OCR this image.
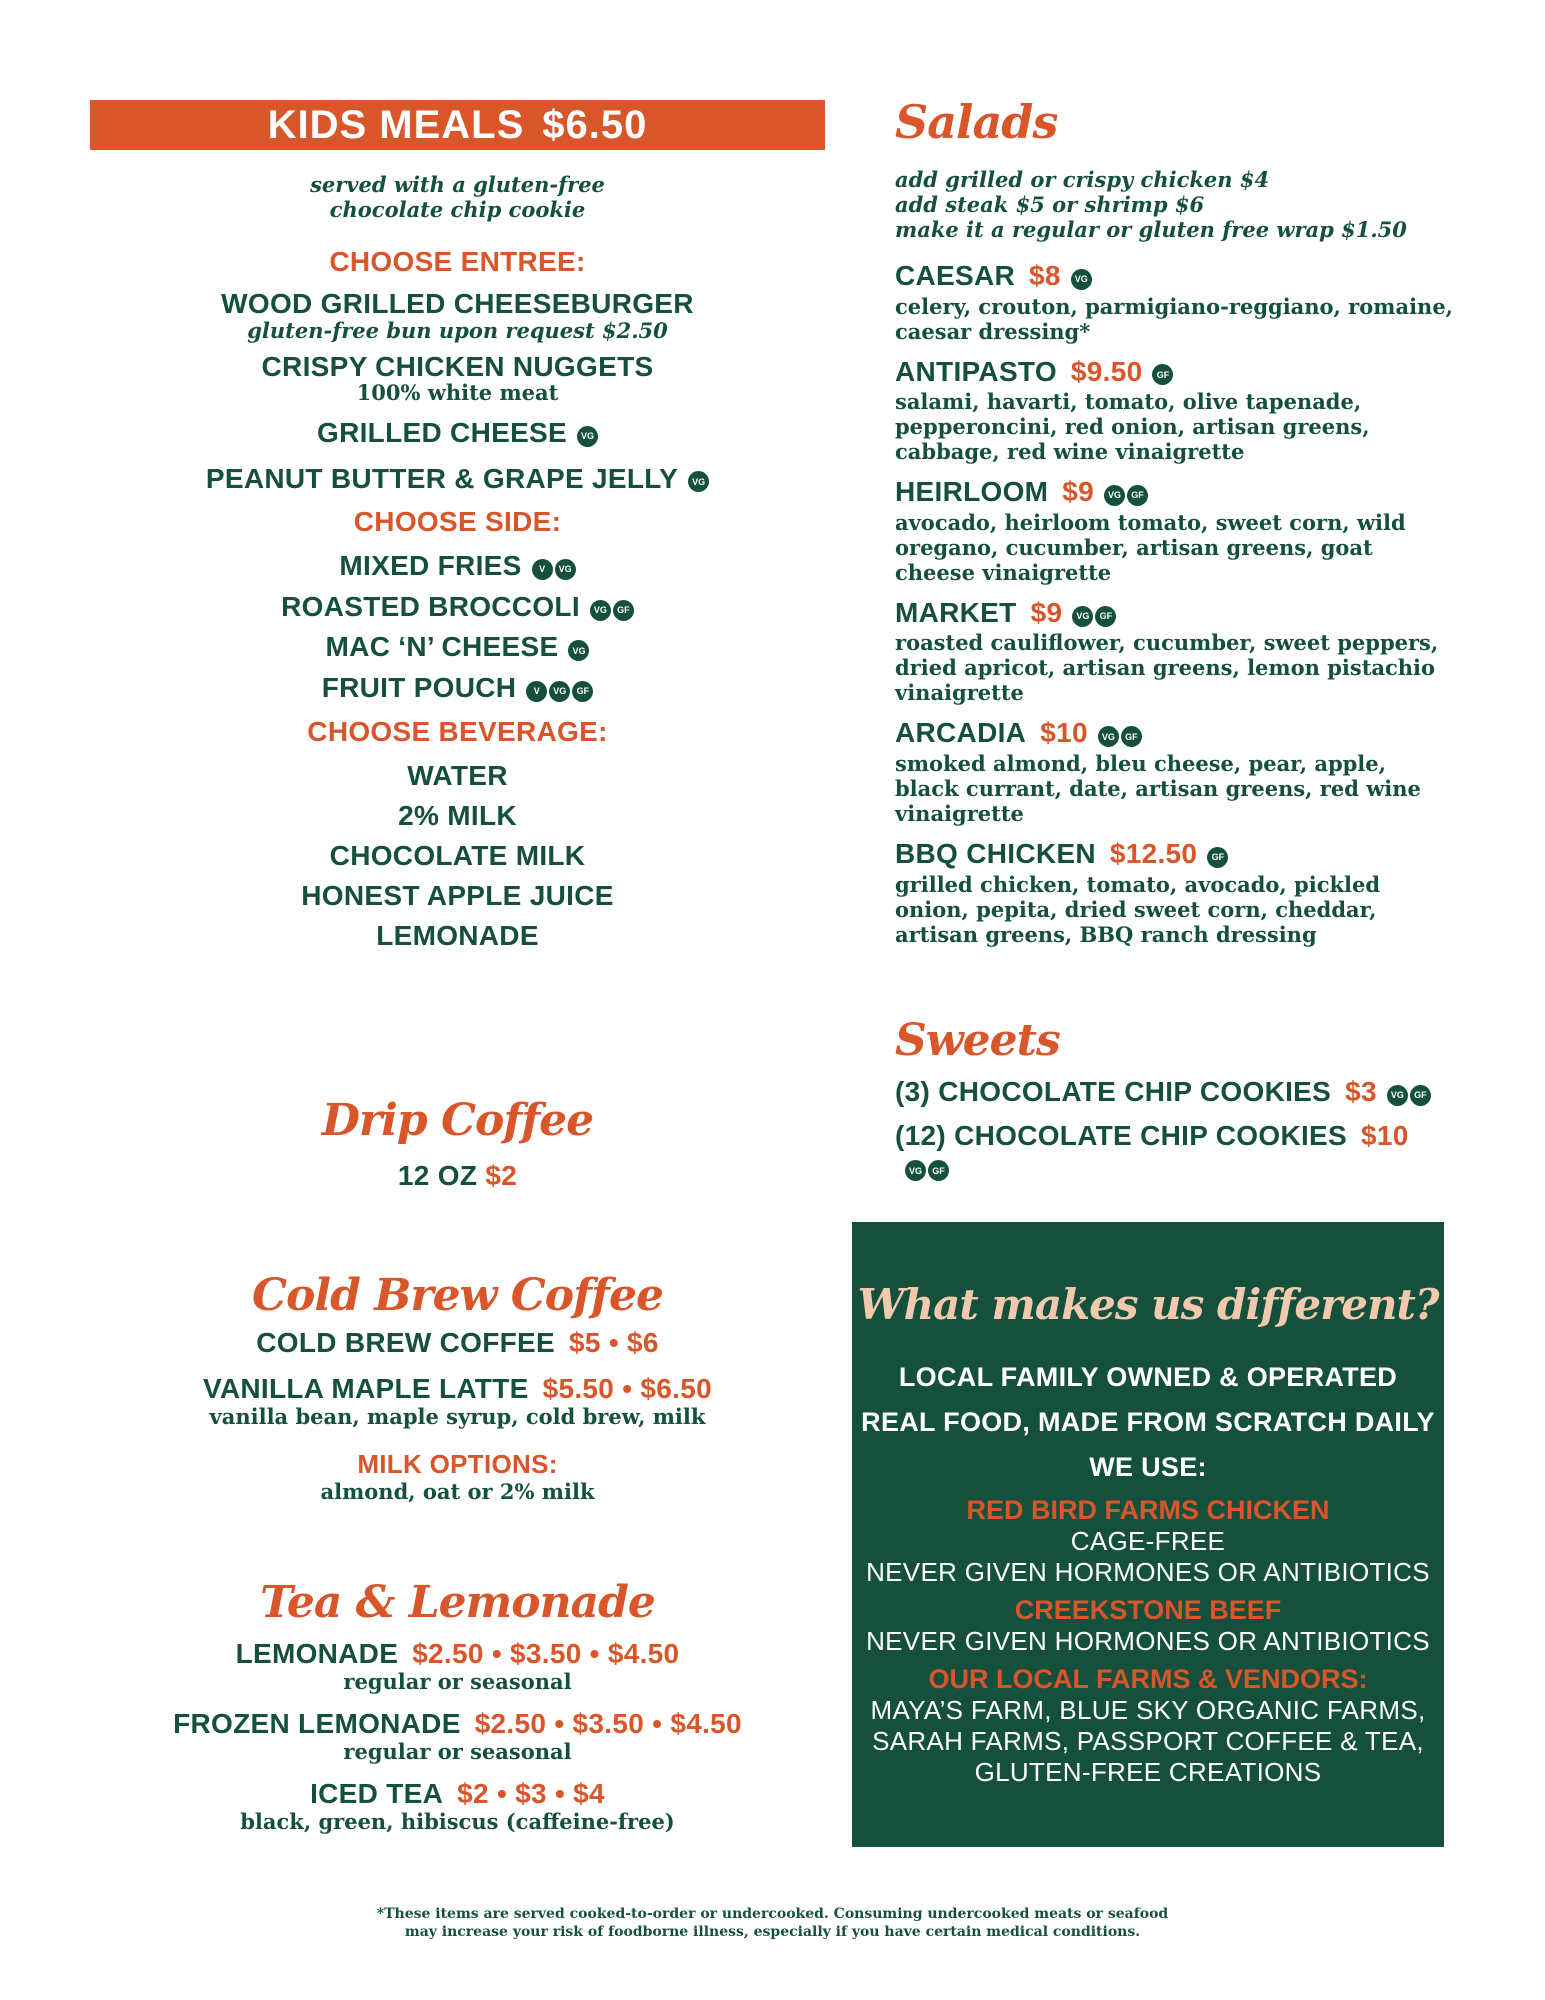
KIDS MEALS $6.50
served with a gluten-free
chocolate chip cookie
CHOOSE ENTREE:
WOOD GRILLED CHEESEBURGER
gluten-free bun upon request $2.50
CRISPY CHICKEN NUGGETS
100% white meat
GRILLED CHEESE VG
PEANUT BUTTER & GRAPE JELLY VG
CHOOSE SIDE:
MIXED FRIES V VG
ROASTED BROCCOLI VG GF
MAC ‘N’ CHEESE VG
FRUIT POUCH V VG GF
CHOOSE BEVERAGE:
WATER
2% MILK
CHOCOLATE MILK
HONEST APPLE JUICE
LEMONADE
Drip Coffee
12 OZ $2
Cold Brew Coffee
COLD BREW COFFEE $5 • $6
VANILLA MAPLE LATTE $5.50 • $6.50
vanilla bean, maple syrup, cold brew, milk
MILK OPTIONS:
almond, oat or 2% milk
Tea & Lemonade
LEMONADE $2.50 • $3.50 • $4.50
regular or seasonal
FROZEN LEMONADE $2.50 • $3.50 • $4.50
regular or seasonal
ICED TEA $2 • $3 • $4
black, green, hibiscus (caffeine-free)
Salads
add grilled or crispy chicken $4
add steak $5 or shrimp $6
make it a regular or gluten free wrap $1.50
CAESAR $8 VG
celery, crouton, parmigiano-reggiano, romaine, caesar dressing*
ANTIPASTO $9.50 GF
salami, havarti, tomato, olive tapenade, pepperoncini, red onion, artisan greens, cabbage, red wine vinaigrette
HEIRLOOM $9 VG GF
avocado, heirloom tomato, sweet corn, wild oregano, cucumber, artisan greens, goat cheese vinaigrette
MARKET $9 VG GF
roasted cauliflower, cucumber, sweet peppers, dried apricot, artisan greens, lemon pistachio vinaigrette
ARCADIA $10 VG GF
smoked almond, bleu cheese, pear, apple, black currant, date, artisan greens, red wine vinaigrette
BBQ CHICKEN $12.50 GF
grilled chicken, tomato, avocado, pickled onion, pepita, dried sweet corn, cheddar, artisan greens, BBQ ranch dressing
Sweets
(3) CHOCOLATE CHIP COOKIES $3 VG GF
(12) CHOCOLATE CHIP COOKIES $10VG GF
What makes us different?
LOCAL FAMILY OWNED & OPERATED
REAL FOOD, MADE FROM SCRATCH DAILY
WE USE:
RED BIRD FARMS CHICKEN
CAGE-FREE
NEVER GIVEN HORMONES OR ANTIBIOTICS
CREEKSTONE BEEF
NEVER GIVEN HORMONES OR ANTIBIOTICS
OUR LOCAL FARMS & VENDORS:
MAYA’S FARM, BLUE SKY ORGANIC FARMS,
SARAH FARMS, PASSPORT COFFEE & TEA,
GLUTEN-FREE CREATIONS
*These items are served cooked-to-order or undercooked. Consuming undercooked meats or seafood
may increase your risk of foodborne illness, especially if you have certain medical conditions.
